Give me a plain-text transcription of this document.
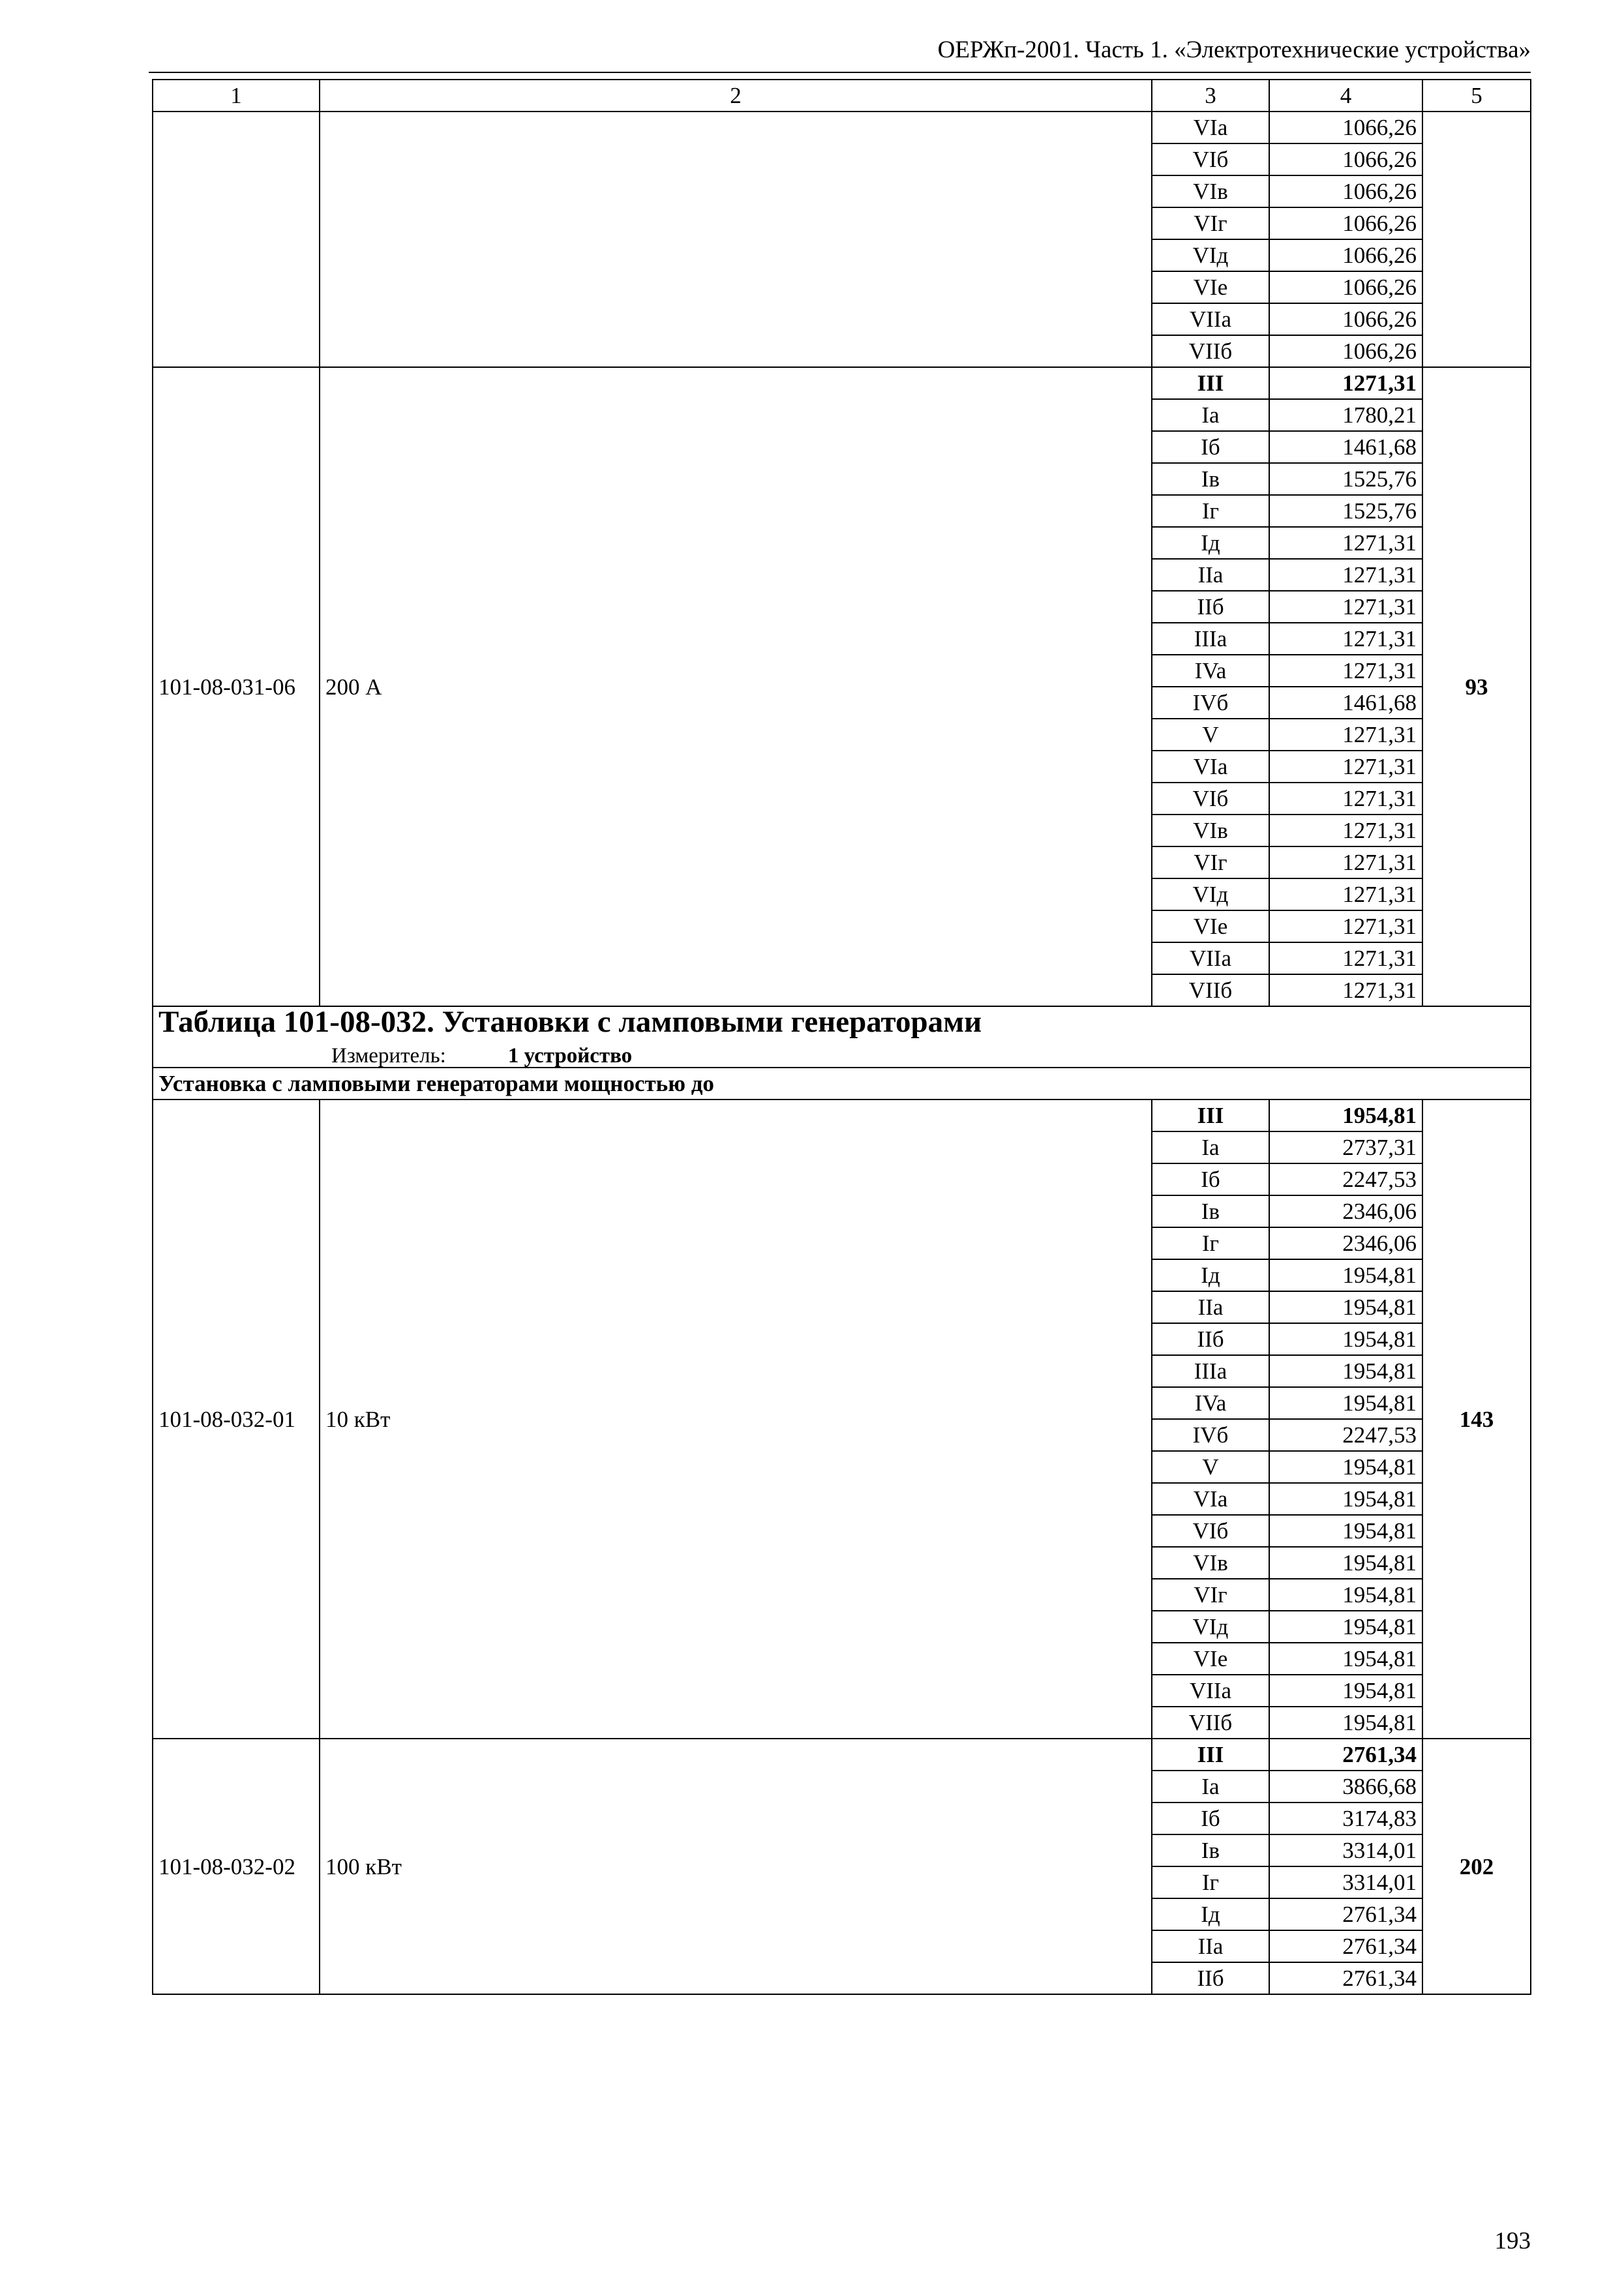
ОЕРЖп-2001. Часть 1. «Электротехнические устройства»
1	2	3	4	5
		VIa	1066,26	
		VIб	1066,26	
		VIв	1066,26	
		VIг	1066,26	
		VIд	1066,26	
		VIе	1066,26	
		VIIa	1066,26	
		VIIб	1066,26	
101-08-031-06	200 А	III	1271,31	93
		Ia	1780,21	
		Iб	1461,68	
		Iв	1525,76	
		Iг	1525,76	
		Iд	1271,31	
		IIa	1271,31	
		IIб	1271,31	
		IIIa	1271,31	
		IVa	1271,31	
		IVб	1461,68	
		V	1271,31	
		VIa	1271,31	
		VIб	1271,31	
		VIв	1271,31	
		VIг	1271,31	
		VIд	1271,31	
		VIе	1271,31	
		VIIa	1271,31	
		VIIб	1271,31	

Таблица 101-08-032. Установки с ламповыми генераторами
Измеритель: 1 устройство				

Установка с ламповыми генераторами мощностью до				
101-08-032-01	10 кВт	III	1954,81	143
		Ia	2737,31	
		Iб	2247,53	
		Iв	2346,06	
		Iг	2346,06	
		Iд	1954,81	
		IIa	1954,81	
		IIб	1954,81	
		IIIa	1954,81	
		IVa	1954,81	
		IVб	2247,53	
		V	1954,81	
		VIa	1954,81	
		VIб	1954,81	
		VIв	1954,81	
		VIг	1954,81	
		VIд	1954,81	
		VIе	1954,81	
		VIIa	1954,81	
		VIIб	1954,81	
101-08-032-02	100 кВт	III	2761,34	202
		Ia	3866,68	
		Iб	3174,83	
		Iв	3314,01	
		Iг	3314,01	
		Iд	2761,34	
		IIa	2761,34	
		IIб	2761,34	
193
